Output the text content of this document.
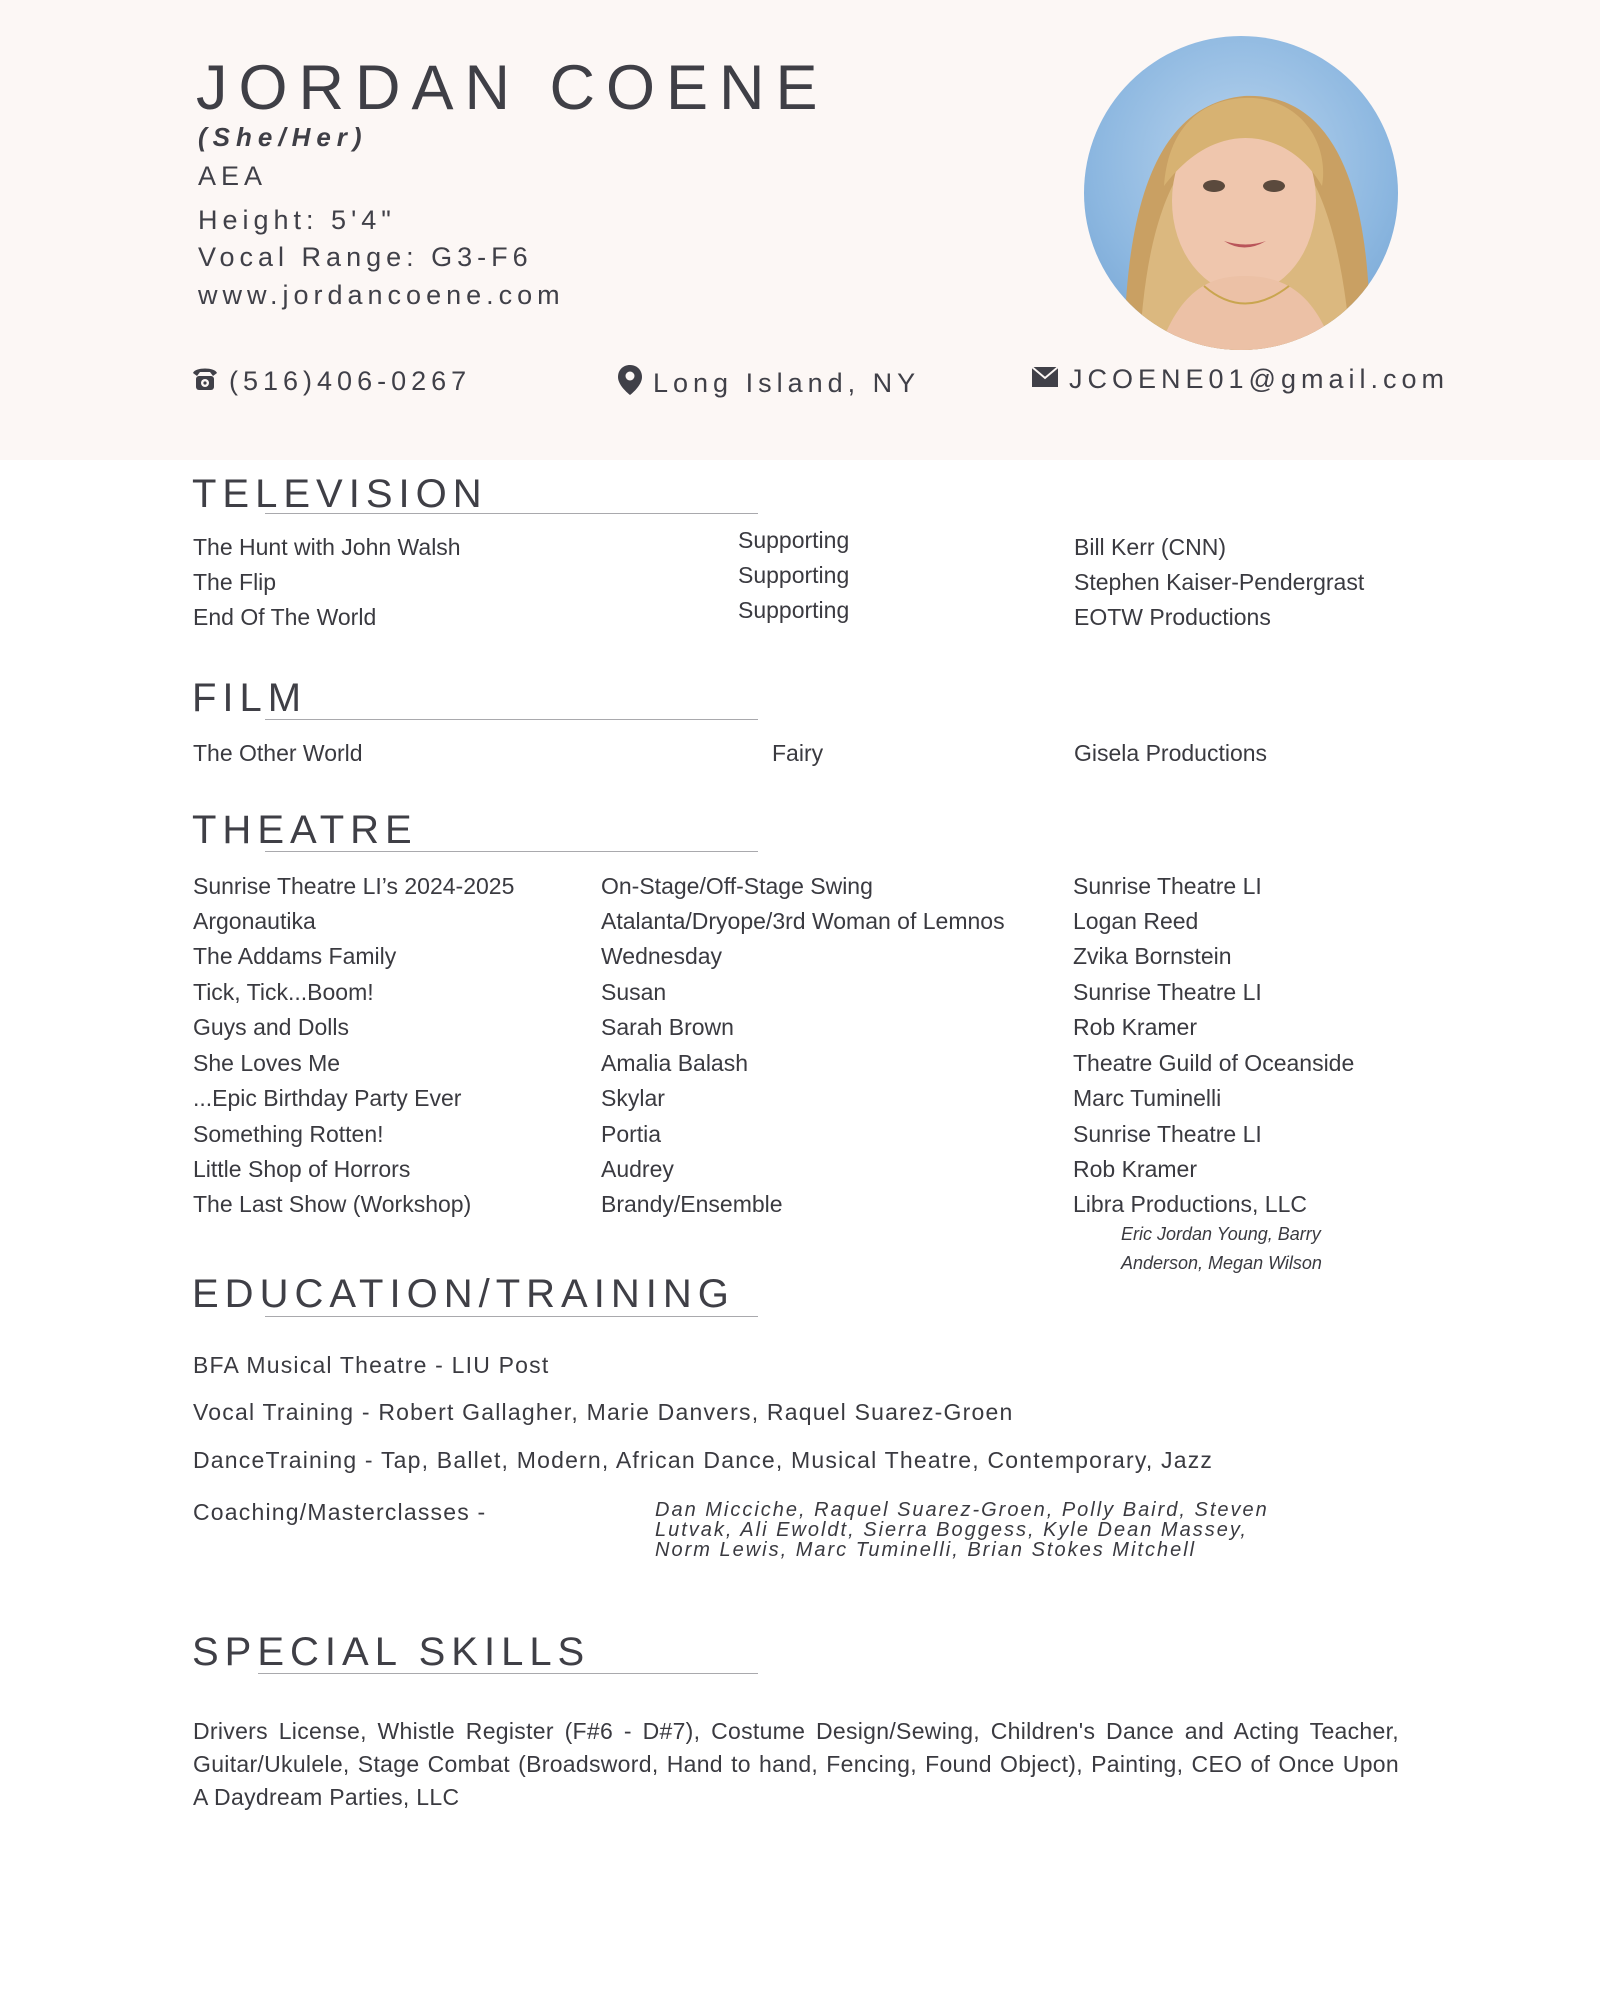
JORDAN COENE
(She/Her)
AEA
Height: 5'4"
Vocal Range: G3-F6
www.jordancoene.com
(516)406-0267	Long Island, NY	JCOENE01@gmail.com
TELEVISION
The Hunt with John Walsh	Supporting	Bill Kerr (CNN)
The Flip	Supporting	Stephen Kaiser-Pendergrast
End Of The World	Supporting	EOTW Productions
FILM
The Other World	Fairy	Gisela Productions
THEATRE
Sunrise Theatre LI’s 2024-2025	On-Stage/Off-Stage Swing	Sunrise Theatre LI
Argonautika	Atalanta/Dryope/3rd Woman of Lemnos	Logan Reed
The Addams Family	Wednesday	Zvika Bornstein
Tick, Tick...Boom!	Susan	Sunrise Theatre LI
Guys and Dolls	Sarah Brown	Rob Kramer
She Loves Me	Amalia Balash	Theatre Guild of Oceanside
...Epic Birthday Party Ever	Skylar	Marc Tuminelli
Something Rotten!	Portia	Sunrise Theatre LI
Little Shop of Horrors	Audrey	Rob Kramer
The Last Show (Workshop)	Brandy/Ensemble	Libra Productions, LLC
Eric Jordan Young, Barry
Anderson, Megan Wilson
EDUCATION/TRAINING
BFA Musical Theatre - LIU Post
Vocal Training - Robert Gallagher, Marie Danvers, Raquel Suarez-Groen
DanceTraining - Tap, Ballet, Modern, African Dance, Musical Theatre, Contemporary, Jazz
Coaching/Masterclasses -	Dan Micciche, Raquel Suarez-Groen, Polly Baird, Steven Lutvak, Ali Ewoldt, Sierra Boggess, Kyle Dean Massey, Norm Lewis, Marc Tuminelli, Brian Stokes Mitchell
SPECIAL SKILLS
Drivers License, Whistle Register (F#6 - D#7), Costume Design/Sewing, Children's Dance and Acting Teacher, Guitar/Ukulele, Stage Combat (Broadsword, Hand to hand, Fencing, Found Object), Painting, CEO of Once Upon A Daydream Parties, LLC
